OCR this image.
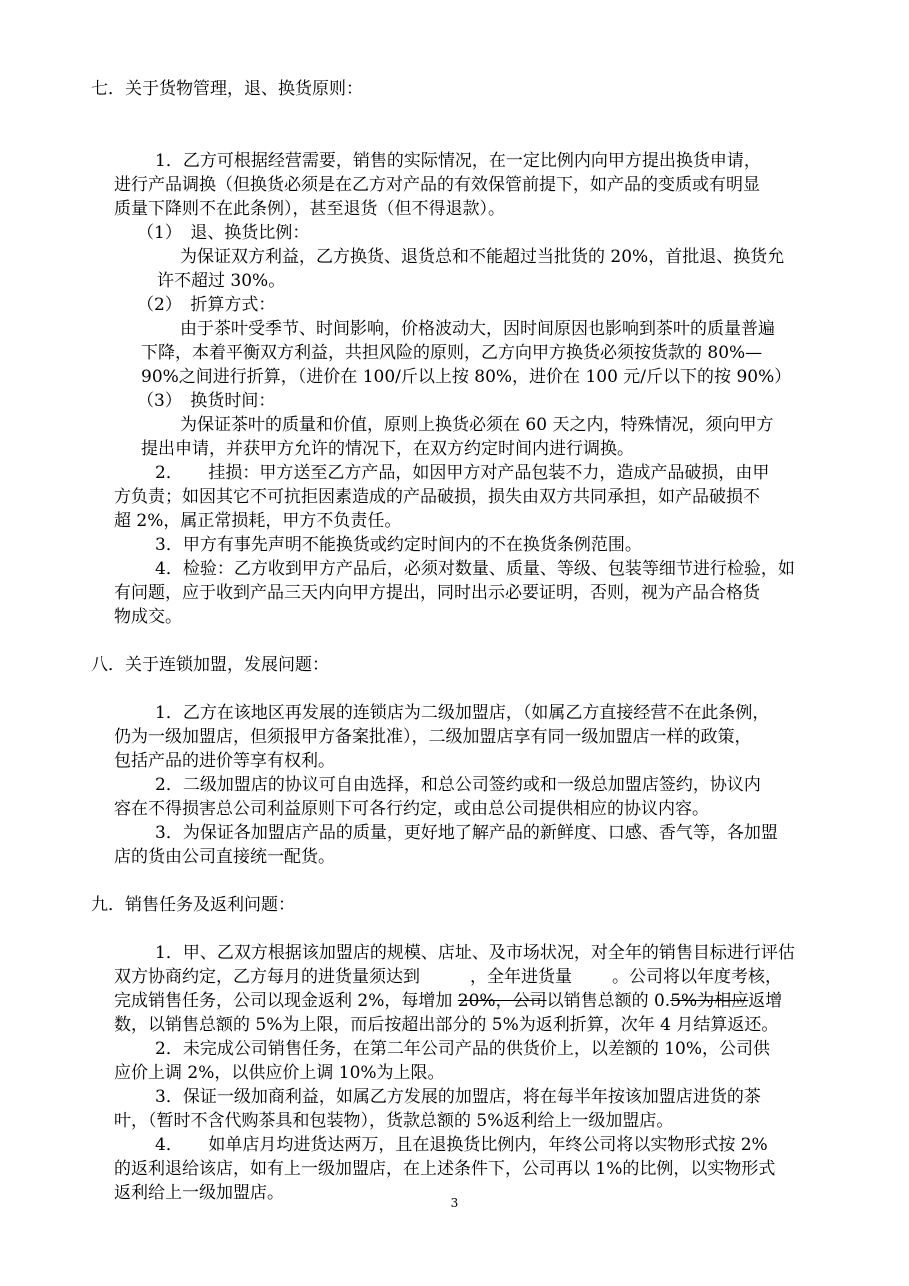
七．关于货物管理，退、换货原则：
1．乙方可根据经营需要，销售的实际情况，在一定比例内向甲方提出换货申请，
进行产品调换（但换货必须是在乙方对产品的有效保管前提下，如产品的变质或有明显
质量下降则不在此条例），甚至退货（但不得退款）。
（1）　退、换货比例：
为保证双方利益，乙方换货、退货总和不能超过当批货的 20%，首批退、换货允
许不超过 30%。
（2）　折算方式：
由于茶叶受季节、时间影响，价格波动大，因时间原因也影响到茶叶的质量普遍
下降，本着平衡双方利益，共担风险的原则，乙方向甲方换货必须按货款的 80%—
90%之间进行折算，（进价在 100/斤以上按 80%，进价在 100 元/斤以下的按 90%）
（3）　换货时间：
为保证茶叶的质量和价值，原则上换货必须在 60 天之内，特殊情况，须向甲方
提出申请，并获甲方允许的情况下，在双方约定时间内进行调换。
2．　　挂损：甲方送至乙方产品，如因甲方对产品包装不力，造成产品破损，由甲
方负责；如因其它不可抗拒因素造成的产品破损，损失由双方共同承担，如产品破损不
超 2%，属正常损耗，甲方不负责任。
3．甲方有事先声明不能换货或约定时间内的不在换货条例范围。
4．检验：乙方收到甲方产品后，必须对数量、质量、等级、包装等细节进行检验，如
有问题，应于收到产品三天内向甲方提出，同时出示必要证明，否则，视为产品合格货
物成交。
八．关于连锁加盟，发展问题：
1．乙方在该地区再发展的连锁店为二级加盟店，（如属乙方直接经营不在此条例，
仍为一级加盟店，但须报甲方备案批准），二级加盟店享有同一级加盟店一样的政策，
包括产品的进价等享有权利。
2．二级加盟店的协议可自由选择，和总公司签约或和一级总加盟店签约，协议内
容在不得损害总公司利益原则下可各行约定，或由总公司提供相应的协议内容。
3．为保证各加盟店产品的质量，更好地了解产品的新鲜度、口感、香气等，各加盟
店的货由公司直接统一配货。
九．销售任务及返利问题：
1．甲、乙双方根据该加盟店的规模、店址、及市场状况，对全年的销售目标进行评估
双方协商约定，乙方每月的进货量须达到	，全年进货量 。公司将以年度考核，
完成销售任务，公司以现金返利 2%，每增加 20%，公司以销售总额的 0.5%为相应返增
数，以销售总额的 5%为上限，而后按超出部分的 5%为返利折算，次年 4 月结算返还。
2．未完成公司销售任务，在第二年公司产品的供货价上，以差额的 10%，公司供
应价上调 2%，以供应价上调 10%为上限。
3．保证一级加商利益，如属乙方发展的加盟店，将在每半年按该加盟店进货的茶
叶，（暂时不含代购茶具和包装物），货款总额的 5%返利给上一级加盟店。
4．　　如单店月均进货达两万，且在退换货比例内，年终公司将以实物形式按 2%
的返利退给该店，如有上一级加盟店，在上述条件下，公司再以 1%的比例，以实物形式
返利给上一级加盟店。	3
